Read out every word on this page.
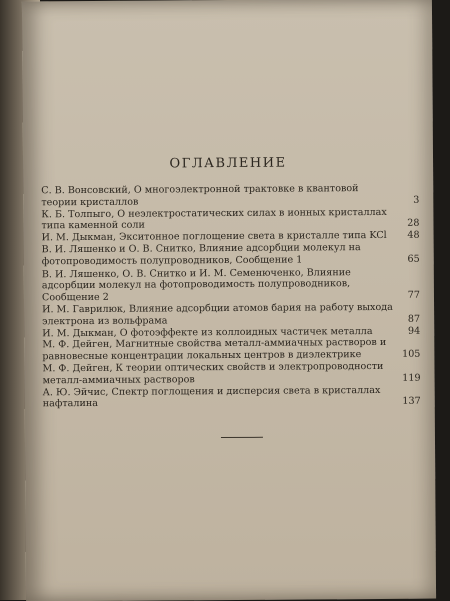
ОГЛАВЛЕНИЕ
С. В. Вонсовский, О многоэлектронной трактовке в квантовой теории кристаллов	3
К. Б. Толпыго, О неэлектростатических силах в ионных кристаллах типа каменной соли	28
И. М. Дыкман, Экситонное поглощение света в кристалле типа KCl	48
В. И. Ляшенко и О. В. Снитко, Влияние адсорбции молекул на фотопроводимость полупроводников, Сообщение 1	65
В. И. Ляшенко, О. В. Снитко и И. М. Семенюченко, Влияние адсорбции молекул на фотопроводимость полупроводников, Сообщение 2	77
И. М. Гаврилюк, Влияние адсорбции атомов бария на работу выхода электрона из вольфрама	87
И. М. Дыкман, О фотоэффекте из коллоидных частичек металла	94
М. Ф. Дейген, Магнитные свойства металл-аммиачных растворов и равновесные концентрации локальных центров в диэлектрике	105
М. Ф. Дейген, К теории оптических свойств и электропроводности металл-аммиачных растворов	119
А. Ю. Эйчис, Спектр поглощения и дисперсия света в кристаллах нафталина	137
